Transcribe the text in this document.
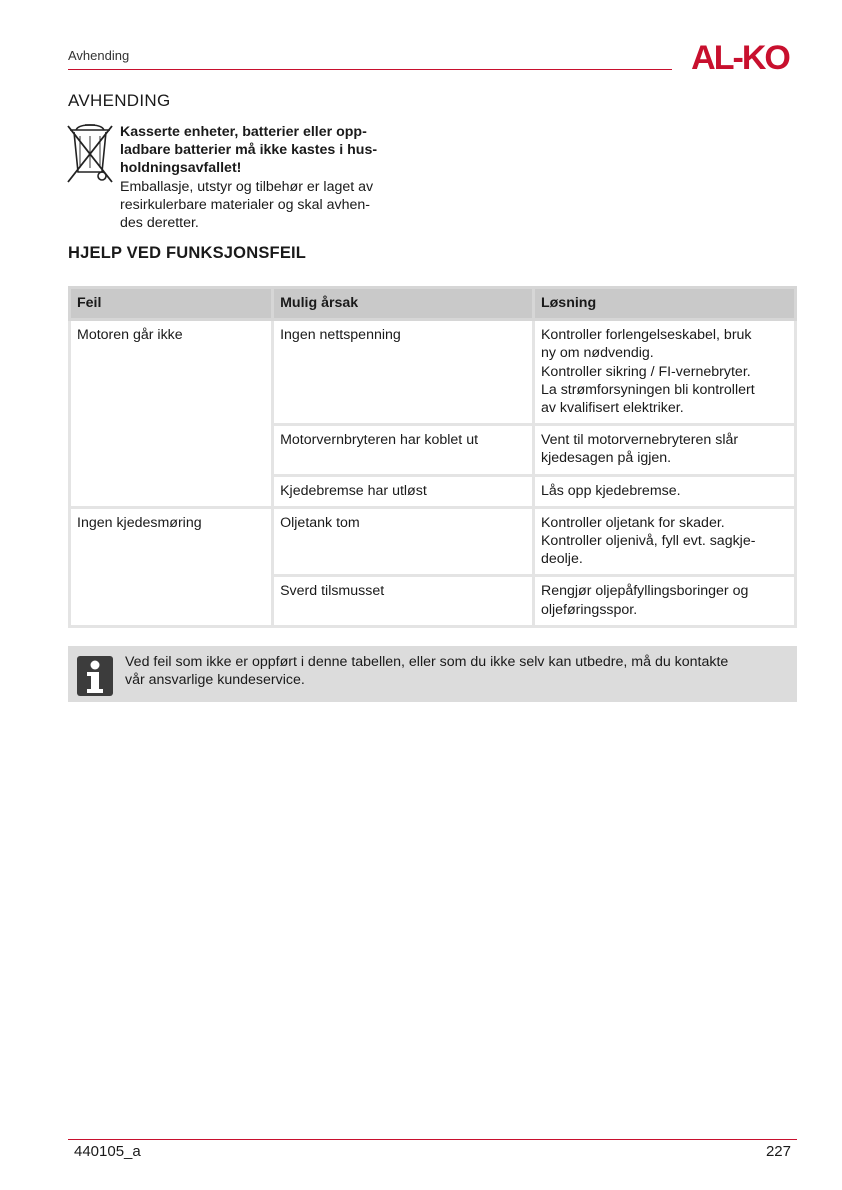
Avhending	AL-KO
AVHENDING
Kasserte enheter, batterier eller opp-
ladbare batterier må ikke kastes i hus-
holdningsavfallet!
Emballasje, utstyr og tilbehør er laget av
resirkulerbare materialer og skal avhen-
des deretter.
HJELP VED FUNKSJONSFEIL
Feil	Mulig årsak	Løsning
Motoren går ikke	Ingen nettspenning	Kontroller forlengelseskabel, bruk
ny om nødvendig.
Kontroller sikring / FI-vernebryter.
La strømforsyningen bli kontrollert
av kvalifisert elektriker.
	Motorvernbryteren har koblet ut	Vent til motorvernebryteren slår
kjedesagen på igjen.
	Kjedebremse har utløst	Lås opp kjedebremse.
Ingen kjedesmøring	Oljetank tom	Kontroller oljetank for skader.
Kontroller oljenivå, fyll evt. sagkje-
deolje.
	Sverd tilsmusset	Rengjør oljepåfyllingsboringer og
oljeføringsspor.
Ved feil som ikke er oppført i denne tabellen, eller som du ikke selv kan utbedre, må du kontakte
vår ansvarlige kundeservice.
440105_a	227
